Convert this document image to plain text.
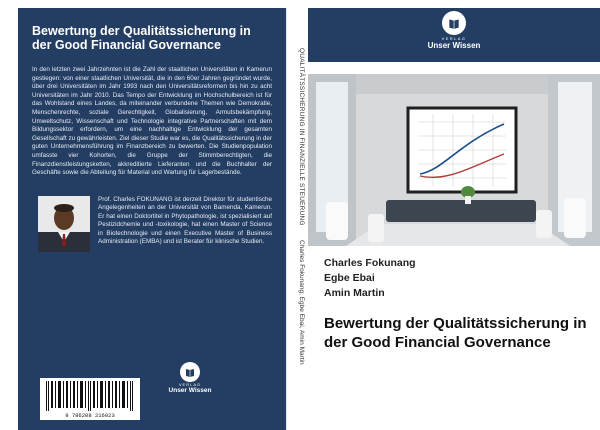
Bewertung der Qualitätssicherung in der Good Financial Governance
In den letzten zwei Jahrzehnten ist die Zahl der staatlichen Universitäten in Kamerun gestiegen: von einer staatlichen Universität, die in den 60er Jahren gegründet wurde, über drei Universitäten im Jahr 1993 nach den Universitätsreformen bis hin zu acht Universitäten im Jahr 2010. Das Tempo der Entwicklung im Hochschulbereich ist für das Wohlstand eines Landes, da miteinander verbundene Themen wie Demokratie, Menschenrechte, soziale Gerechtigkeit, Globalisierung, Armutsbekämpfung, Umweltschutz, Wissenschaft und Technologie integrative Partnerschaften mit dem Bildungssektor erfordern, um eine nachhaltige Entwicklung der gesamten Gesellschaft zu gewährleisten. Ziel dieser Studie war es, die Qualitätssicherung in der guten Unternehmensführung im Finanzbereich zu bewerten. Die Studienpopulation umfasste vier Kohorten, die Gruppe der Stimmberechtigten, die Finanzdienstleistungsketten, akkreditierte Lieferanten und die Buchhalter der Geschäfte sowie die Abteilung für Material und Wartung für Lagerbestände.
Prof. Charles FOKUNANG ist derzeit Direktor für studentische Angelegenheiten an der Universität von Bamenda, Kamerun. Er hat einen Doktortitel in Phytopathologie, ist spezialisiert auf Pestizidchemie und -toxikologie, hat einen Master of Science in Biotechnologie und einen Executive Master of Business Administration (EMBA) und ist Berater für klinische Studien.
VERLAG
Unser Wissen
9 786208 216023
QUALITÄTSSICHERUNG IN FINANZIELLE STEUERUNG
Charles Fokunang, Egbe Ebai, Amin Martin
VERLAG
Unser Wissen
Charles Fokunang
Egbe Ebai
Amin Martin
Bewertung der Qualitätssicherung in der Good Financial Governance
